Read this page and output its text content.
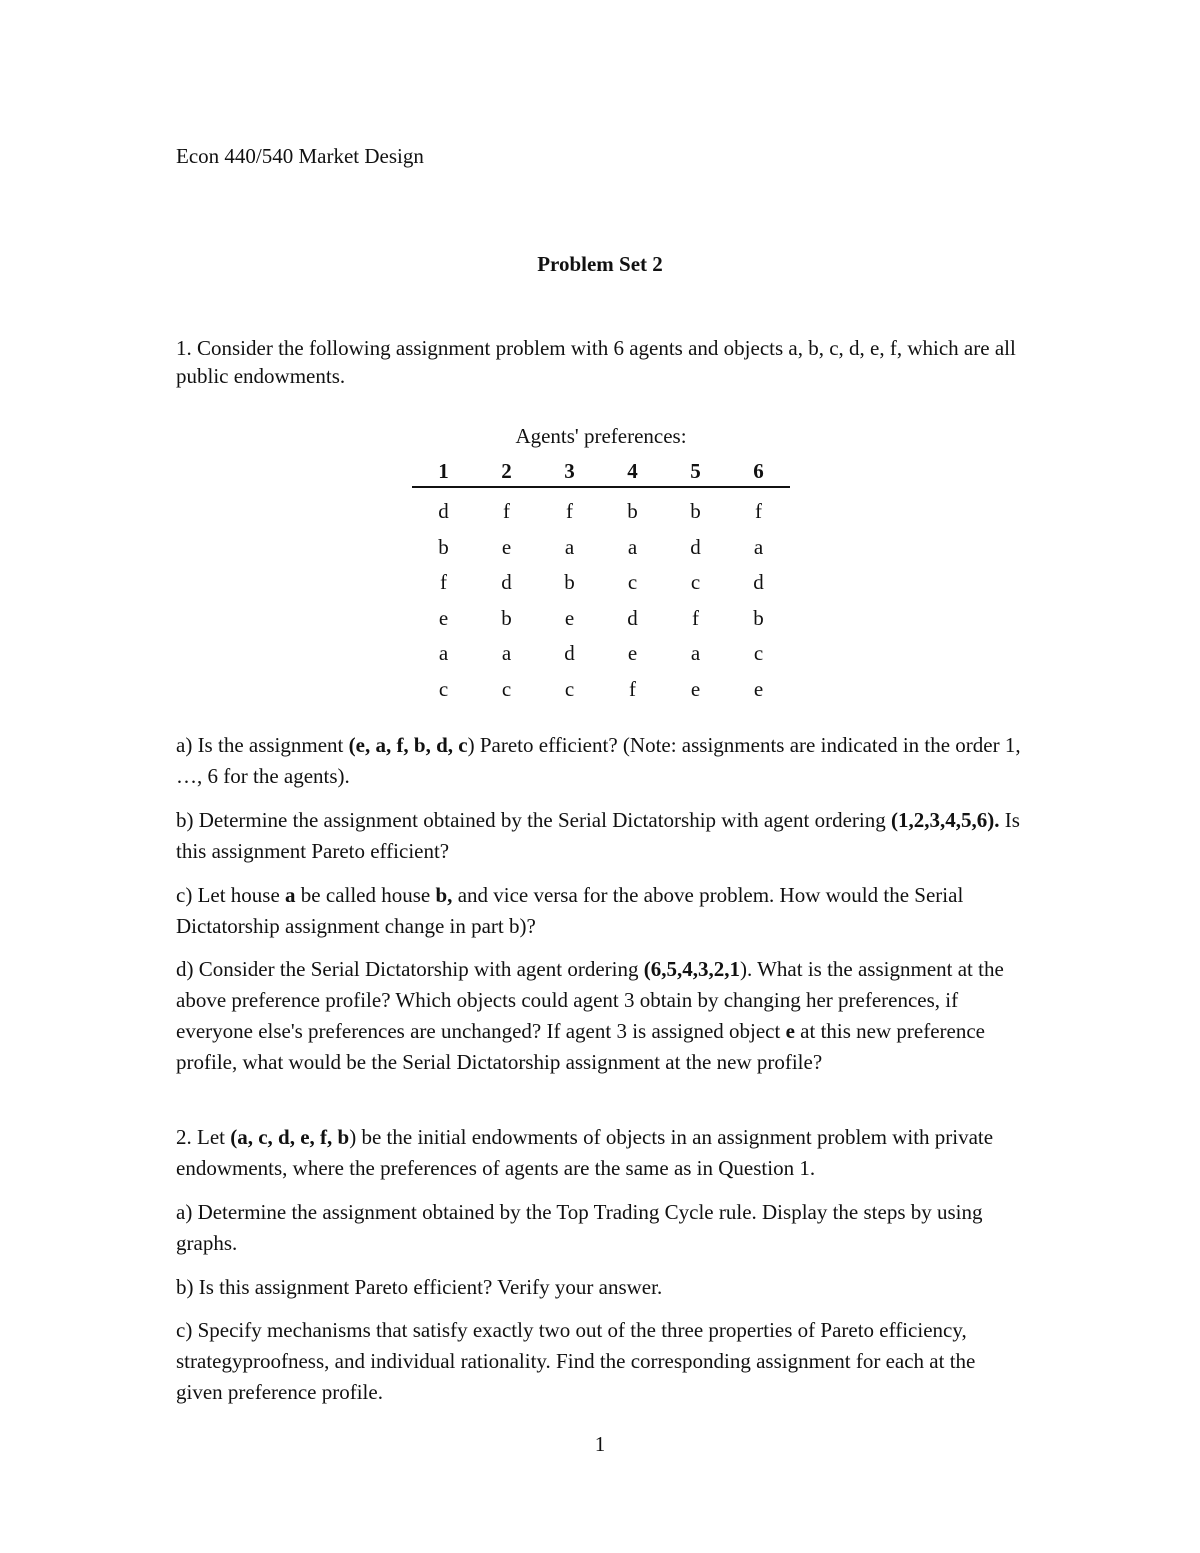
Econ 440/540 Market Design
Problem Set 2
1. Consider the following assignment problem with 6 agents and objects a, b, c, d, e, f, which are all public endowments.
Agents' preferences:
1	2	3	4	5	6
d	f	f	b	b	f
b	e	a	a	d	a
f	d	b	c	c	d
e	b	e	d	f	b
a	a	d	e	a	c
c	c	c	f	e	e
a) Is the assignment (e, a, f, b, d, c) Pareto efficient? (Note: assignments are indicated in the order 1, …, 6 for the agents).
b) Determine the assignment obtained by the Serial Dictatorship with agent ordering (1,2,3,4,5,6). Is this assignment Pareto efficient?
c) Let house a be called house b, and vice versa for the above problem. How would the Serial Dictatorship assignment change in part b)?
d) Consider the Serial Dictatorship with agent ordering (6,5,4,3,2,1). What is the assignment at the above preference profile? Which objects could agent 3 obtain by changing her preferences, if everyone else's preferences are unchanged? If agent 3 is assigned object e at this new preference profile, what would be the Serial Dictatorship assignment at the new profile?
2. Let (a, c, d, e, f, b) be the initial endowments of objects in an assignment problem with private endowments, where the preferences of agents are the same as in Question 1.
a) Determine the assignment obtained by the Top Trading Cycle rule. Display the steps by using graphs.
b) Is this assignment Pareto efficient? Verify your answer.
c) Specify mechanisms that satisfy exactly two out of the three properties of Pareto efficiency, strategyproofness, and individual rationality. Find the corresponding assignment for each at the given preference profile.
1
